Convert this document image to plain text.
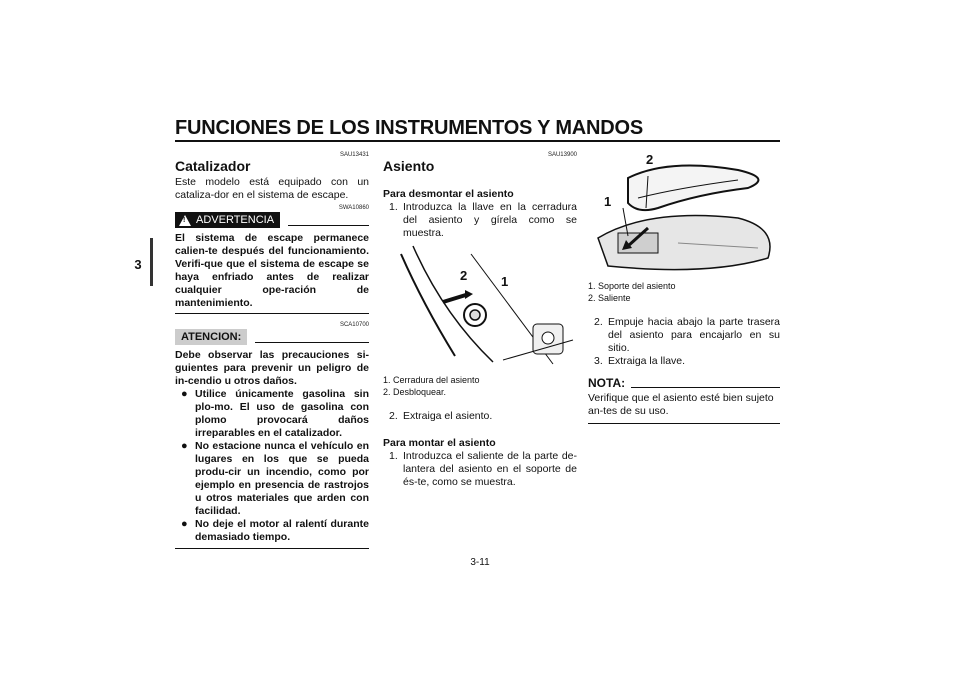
FUNCIONES DE LOS INSTRUMENTOS Y MANDOS
3
SAU13431
Catalizador
Este modelo está equipado con un cataliza-dor en el sistema de escape.
SWA10860
! ADVERTENCIA
El sistema de escape permanece calien-te después del funcionamiento. Verifi-que que el sistema de escape se haya enfriado antes de realizar cualquier ope-ración de mantenimiento.
SCA10700
ATENCION:
Debe observar las precauciones si-guientes para prevenir un peligro de in-cendio u otros daños.
● Utilice únicamente gasolina sin plo-mo. El uso de gasolina con plomo provocará daños irreparables en el catalizador.
● No estacione nunca el vehículo en lugares en los que se pueda produ-cir un incendio, como por ejemplo en presencia de rastrojos u otros materiales que arden con facilidad.
● No deje el motor al ralentí durante demasiado tiempo.
SAU13900
Asiento
Para desmontar el asiento
1. Introduzca la llave en la cerradura del asiento y gírela como se muestra.
2	1
1. Cerradura del asiento
2. Desbloquear.
2. Extraiga el asiento.
Para montar el asiento
1. Introduzca el saliente de la parte de-lantera del asiento en el soporte de és-te, como se muestra.
2
1
1. Soporte del asiento
2. Saliente
2. Empuje hacia abajo la parte trasera del asiento para encajarlo en su sitio.
3. Extraiga la llave.
NOTA:
Verifique que el asiento esté bien sujeto an-tes de su uso.
3-11
